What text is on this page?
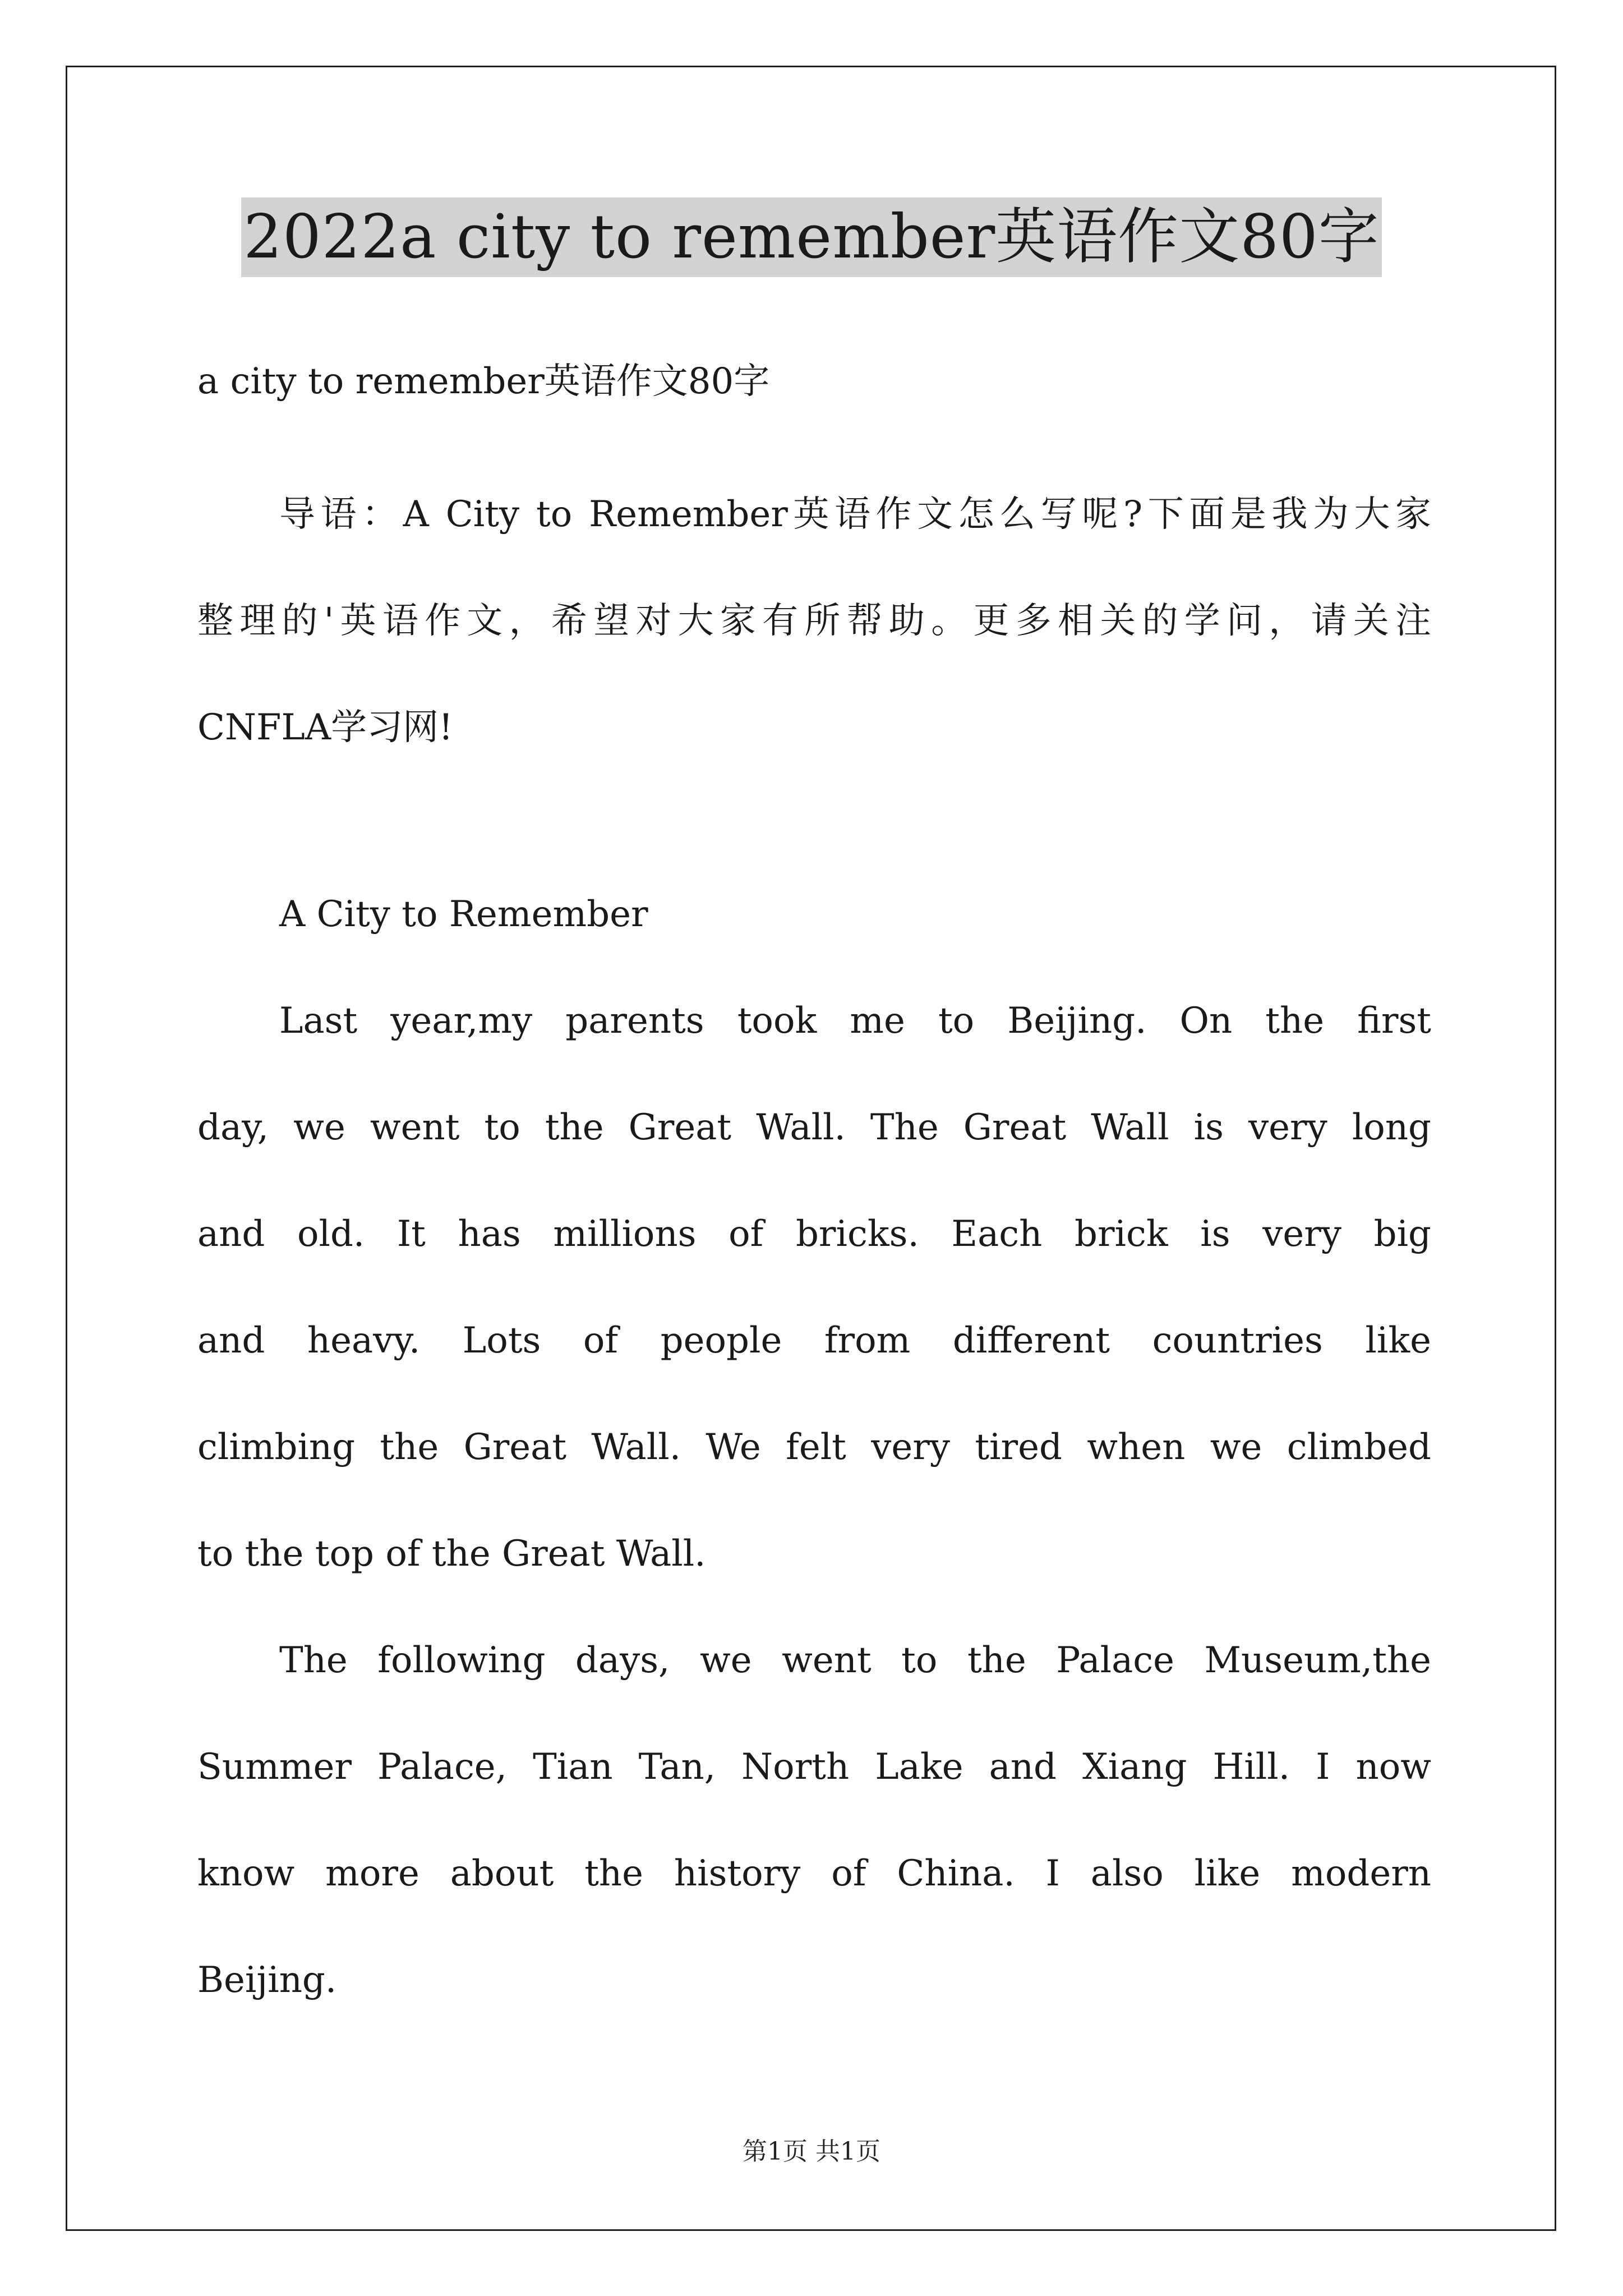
2022a city to remember英语作文80字

a city to remember英语作文80字

导语：A City to Remember英语作文怎么写呢?下面是我为大家
整理的'英语作文，希望对大家有所帮助。更多相关的学问，请关注
CNFLA学习网!

A City to Remember

Last year,my parents took me to Beijing. On the first

day, we went to the Great Wall. The Great Wall is very long

and old. It has millions of bricks. Each brick is very big

and heavy. Lots of people from different countries like

climbing the Great Wall. We felt very tired when we climbed

to the top of the Great Wall.

The following days, we went to the Palace Museum,the

Summer Palace, Tian Tan, North Lake and Xiang Hill. I now

know more about the history of China. I also like modern

Beijing.

第1页 共1页
